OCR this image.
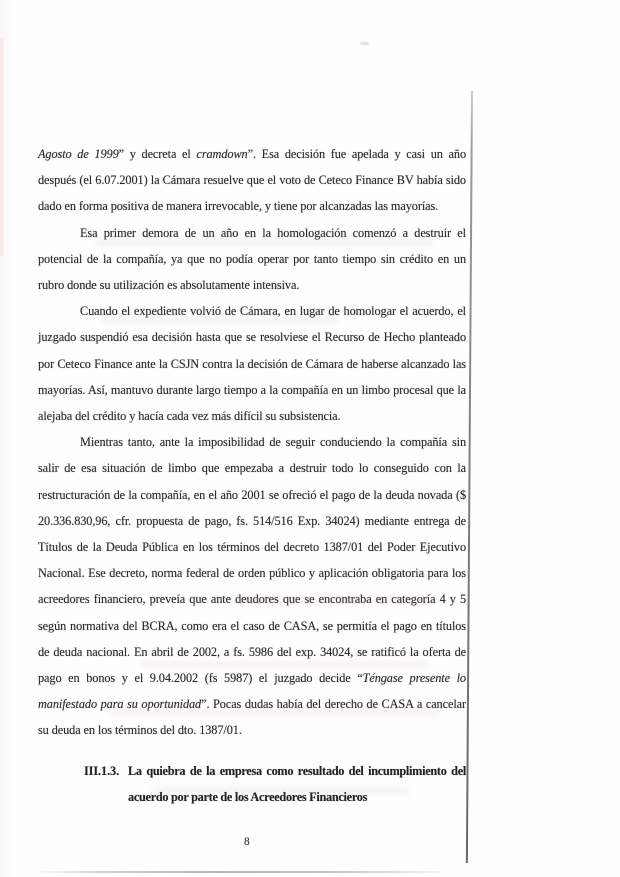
Agosto de 1999” y decreta el cramdown”. Esa decisión fue apelada y casi un año después (el 6.07.2001) la Cámara resuelve que el voto de Ceteco Finance BV había sido dado en forma positiva de manera irrevocable, y tiene por alcanzadas las mayorías.

Esa primer demora de un año en la homologación comenzó a destruir el potencial de la compañía, ya que no podía operar por tanto tiempo sin crédito en un rubro donde su utilización es absolutamente intensiva.

Cuando el expediente volvió de Cámara, en lugar de homologar el acuerdo, el juzgado suspendió esa decisión hasta que se resolviese el Recurso de Hecho planteado por Ceteco Finance ante la CSJN contra la decisión de Cámara de haberse alcanzado las mayorías. Así, mantuvo durante largo tiempo a la compañía en un limbo procesal que la alejaba del crédito y hacía cada vez más difícil su subsistencia.

Mientras tanto, ante la imposibilidad de seguir conduciendo la compañía sin salir de esa situación de limbo que empezaba a destruir todo lo conseguido con la restructuración de la compañía, en el año 2001 se ofreció el pago de la deuda novada ($ 20.336.830,96, cfr. propuesta de pago, fs. 514/516 Exp. 34024) mediante entrega de Títulos de la Deuda Pública en los términos del decreto 1387/01 del Poder Ejecutivo Nacional. Ese decreto, norma federal de orden público y aplicación obligatoria para los acreedores financiero, preveía que ante deudores que se encontraba en categoría 4 y 5 según normativa del BCRA, como era el caso de CASA, se permitía el pago en títulos de deuda nacional. En abril de 2002, a fs. 5986 del exp. 34024, se ratificó la oferta de pago en bonos y el 9.04.2002 (fs 5987) el juzgado decide “Téngase presente lo manifestado para su oportunidad”. Pocas dudas había del derecho de CASA a cancelar su deuda en los términos del dto. 1387/01.

III.1.3. La quiebra de la empresa como resultado del incumplimiento del acuerdo por parte de los Acreedores Financieros
8
